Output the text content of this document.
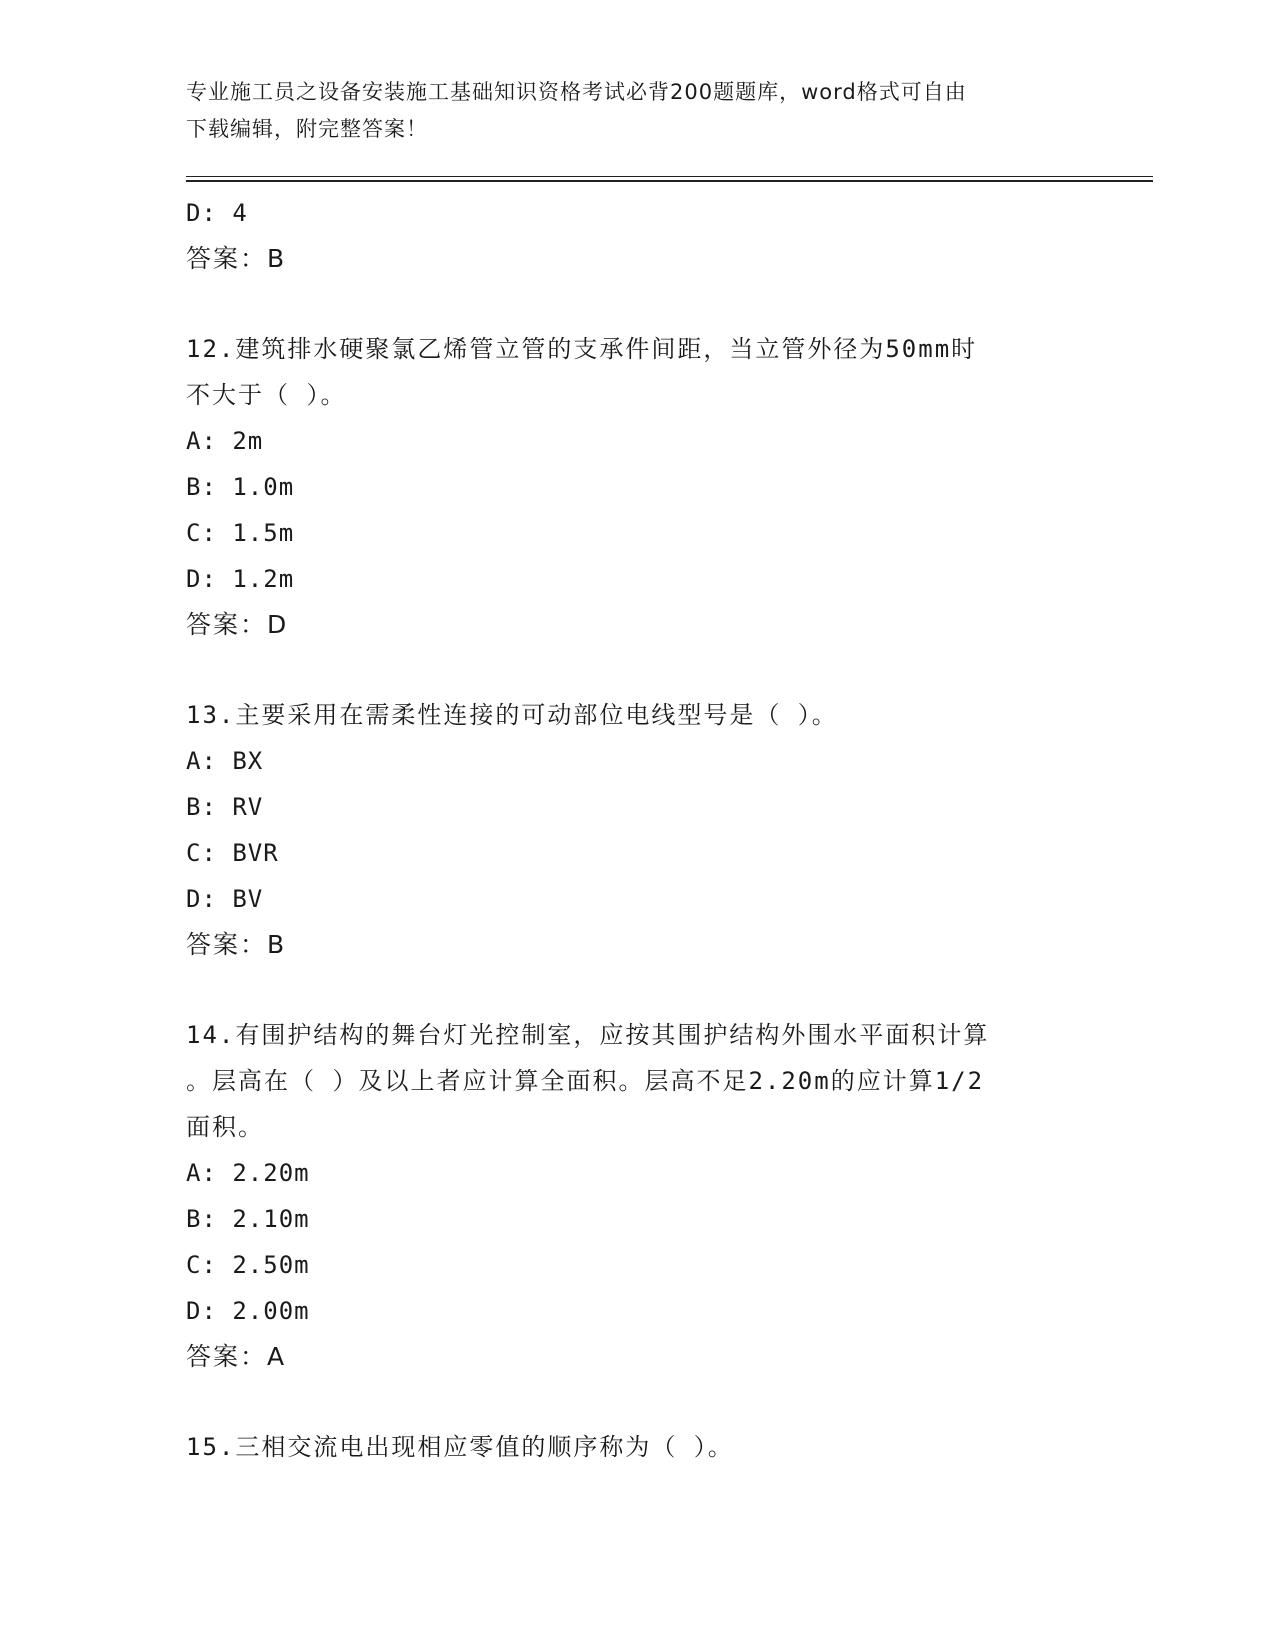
专业施工员之设备安装施工基础知识资格考试必背200题题库，word格式可自由
下载编辑，附完整答案！
D: 4
答案：B
12.建筑排水硬聚氯乙烯管立管的支承件间距，当立管外径为50mm时
不大于（ ）。
A: 2m
B: 1.0m
C: 1.5m
D: 1.2m
答案：D
13.主要采用在需柔性连接的可动部位电线型号是（ ）。
A: BX
B: RV
C: BVR
D: BV
答案：B
14.有围护结构的舞台灯光控制室，应按其围护结构外围水平面积计算
。层高在（ ）及以上者应计算全面积。层高不足2.20m的应计算1/2
面积。
A: 2.20m
B: 2.10m
C: 2.50m
D: 2.00m
答案：A
15.三相交流电出现相应零值的顺序称为（ ）。
